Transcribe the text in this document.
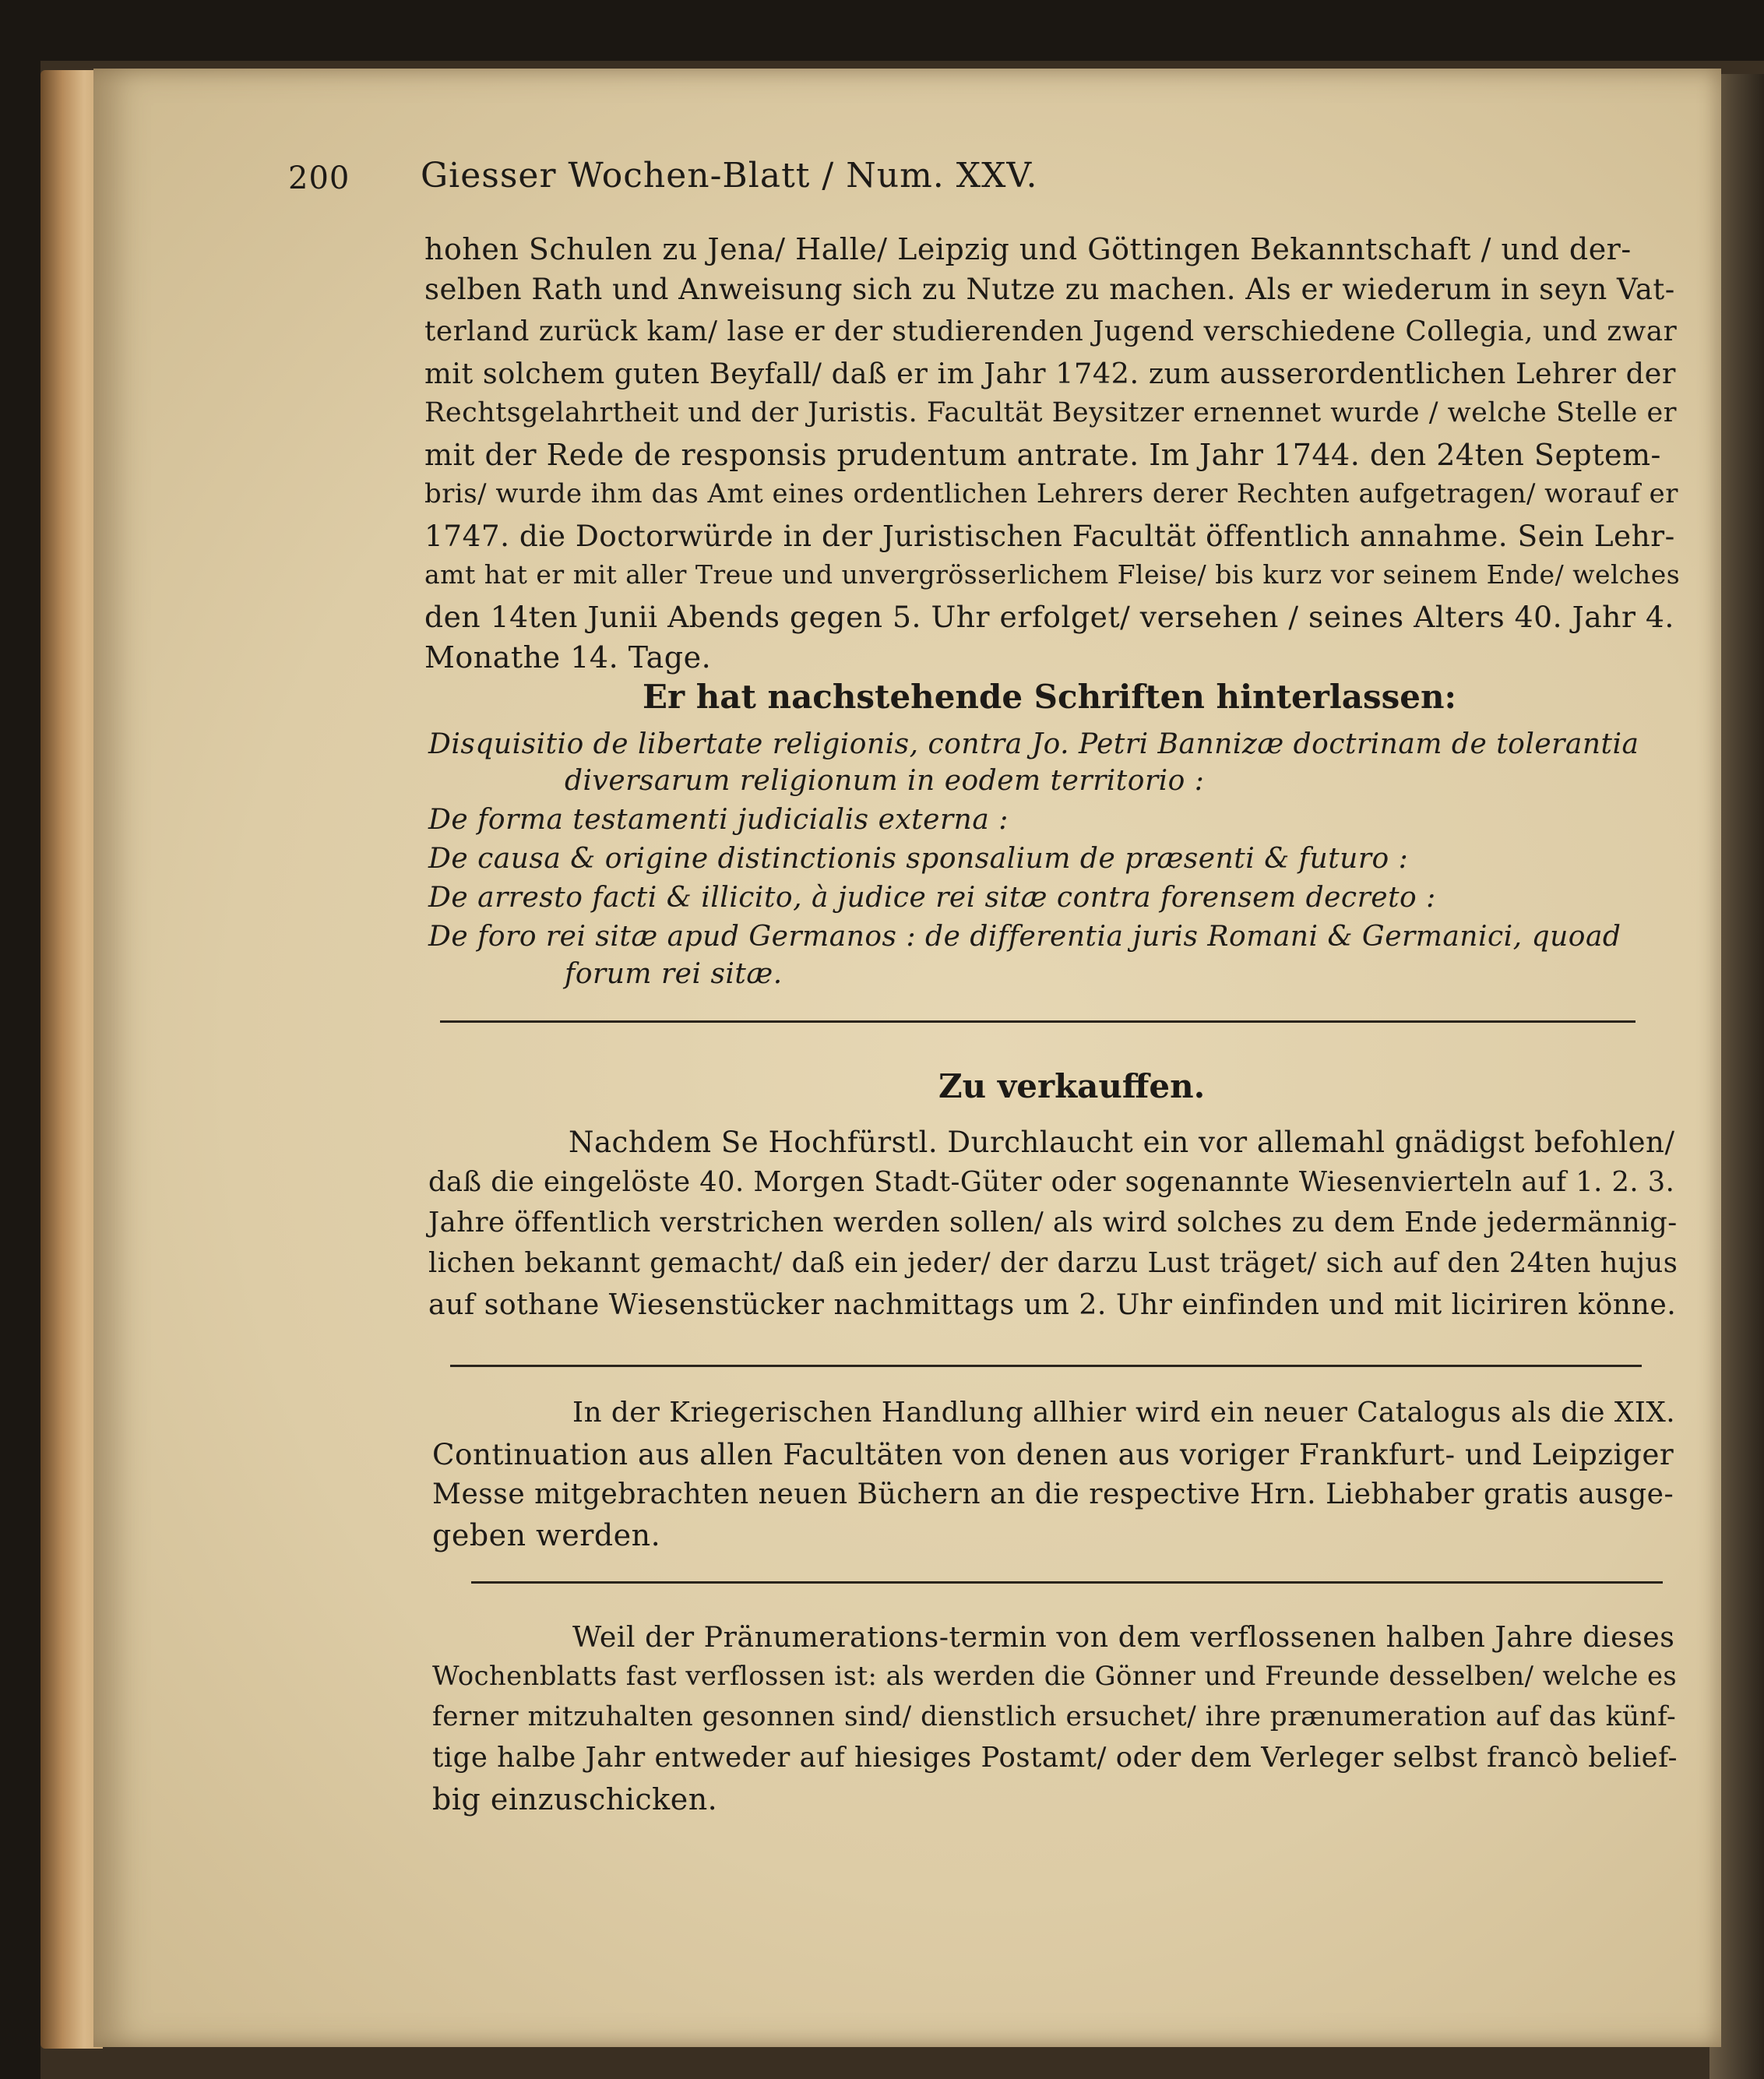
200 Giesser Wochen-Blatt / Num. XXV.
hohen Schulen zu Jena/ Halle/ Leipzig und Göttingen Bekanntschaft / und der-
selben Rath und Anweisung sich zu Nutze zu machen. Als er wiederum in seyn Vat-
terland zurück kam/ lase er der studierenden Jugend verschiedene Collegia, und zwar
mit solchem guten Beyfall/ daß er im Jahr 1742. zum ausserordentlichen Lehrer der
Rechtsgelahrtheit und der Juristis. Facultät Beysitzer ernennet wurde / welche Stelle er
mit der Rede de responsis prudentum antrate. Im Jahr 1744. den 24ten Septem-
bris/ wurde ihm das Amt eines ordentlichen Lehrers derer Rechten aufgetragen/ worauf er
1747. die Doctorwürde in der Juristischen Facultät öffentlich annahme. Sein Lehr-
amt hat er mit aller Treue und unvergrösserlichem Fleise/ bis kurz vor seinem Ende/ welches
den 14ten Junii Abends gegen 5. Uhr erfolget/ versehen / seines Alters 40. Jahr 4.
Monathe 14. Tage.
Er hat nachstehende Schriften hinterlassen:
Disquisitio de libertate religionis, contra Jo. Petri Bannizæ doctrinam de tolerantia
diversarum religionum in eodem territorio :
De forma testamenti judicialis externa :
De causa & origine distinctionis sponsalium de præsenti & futuro :
De arresto facti & illicito, à judice rei sitæ contra forensem decreto :
De foro rei sitæ apud Germanos : de differentia juris Romani & Germanici, quoad
forum rei sitæ.
Zu verkauffen.
Nachdem Se Hochfürstl. Durchlaucht ein vor allemahl gnädigst befohlen/
daß die eingelöste 40. Morgen Stadt-Güter oder sogenannte Wiesenvierteln auf 1. 2. 3.
Jahre öffentlich verstrichen werden sollen/ als wird solches zu dem Ende jedermännig-
lichen bekannt gemacht/ daß ein jeder/ der darzu Lust träget/ sich auf den 24ten hujus
auf sothane Wiesenstücker nachmittags um 2. Uhr einfinden und mit liciriren könne.
In der Kriegerischen Handlung allhier wird ein neuer Catalogus als die XIX.
Continuation aus allen Facultäten von denen aus voriger Frankfurt- und Leipziger
Messe mitgebrachten neuen Büchern an die respective Hrn. Liebhaber gratis ausge-
geben werden.
Weil der Pränumerations-termin von dem verflossenen halben Jahre dieses
Wochenblatts fast verflossen ist: als werden die Gönner und Freunde desselben/ welche es
ferner mitzuhalten gesonnen sind/ dienstlich ersuchet/ ihre prænumeration auf das künf-
tige halbe Jahr entweder auf hiesiges Postamt/ oder dem Verleger selbst francò belief-
big einzuschicken.
